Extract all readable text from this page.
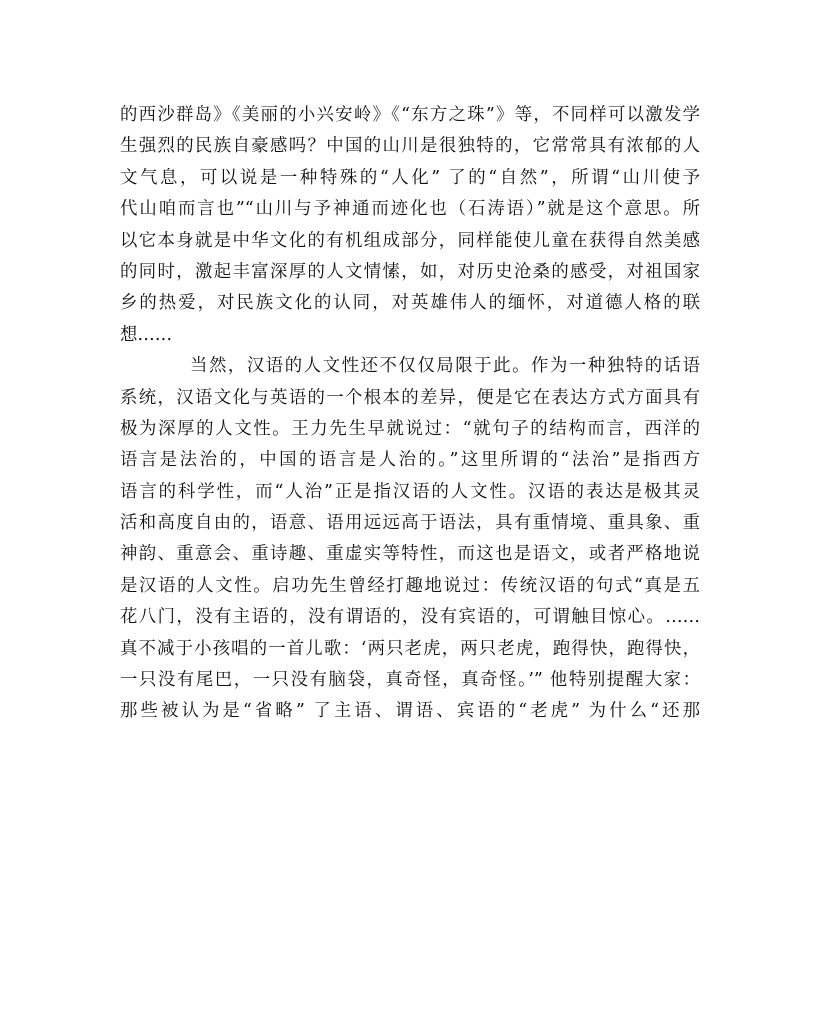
的西沙群岛》《美丽的小兴安岭》《“东方之珠”》等，不同样可以激发学
生强烈的民族自豪感吗？中国的山川是很独特的，它常常具有浓郁的人
文气息，可以说是一种特殊的“人化” 了的“自然”，所谓“山川使予
代山咱而言也”“山川与予神通而迹化也（石涛语）”就是这个意思。所
以它本身就是中华文化的有机组成部分，同样能使儿童在获得自然美感
的同时，激起丰富深厚的人文情愫，如，对历史沧桑的感受，对祖国家
乡的热爱，对民族文化的认同，对英雄伟人的缅怀，对道德人格的联
想……
当然，汉语的人文性还不仅仅局限于此。作为一种独特的话语
系统，汉语文化与英语的一个根本的差异，便是它在表达方式方面具有
极为深厚的人文性。王力先生早就说过：“就句子的结构而言，西洋的
语言是法治的，中国的语言是人治的。”这里所谓的“法治”是指西方
语言的科学性，而“人治”正是指汉语的人文性。汉语的表达是极其灵
活和高度自由的，语意、语用远远高于语法，具有重情境、重具象、重
神韵、重意会、重诗趣、重虚实等特性，而这也是语文，或者严格地说
是汉语的人文性。启功先生曾经打趣地说过：传统汉语的句式“真是五
花八门，没有主语的，没有谓语的，没有宾语的，可谓触目惊心。……
真不减于小孩唱的一首儿歌：‘两只老虎，两只老虎，跑得快，跑得快，
一只没有尾巴，一只没有脑袋，真奇怪，真奇怪。’” 他特别提醒大家：
那些被认为是“省略” 了主语、谓语、宾语的“老虎” 为什么“还那
